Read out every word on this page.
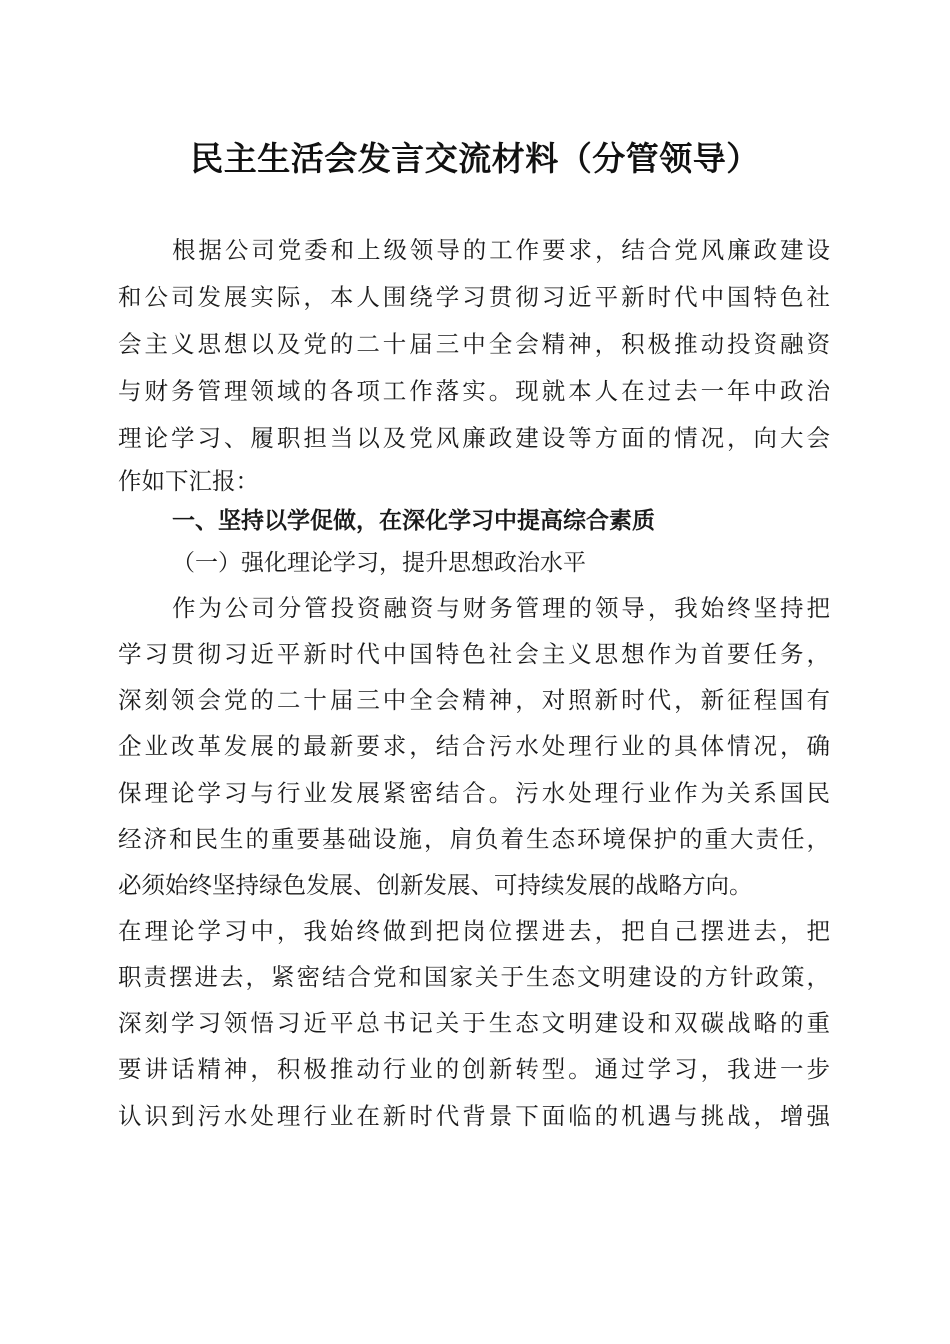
民主生活会发言交流材料（分管领导）
根据公司党委和上级领导的工作要求，结合党风廉政建设
和公司发展实际，本人围绕学习贯彻习近平新时代中国特色社
会主义思想以及党的二十届三中全会精神，积极推动投资融资
与财务管理领域的各项工作落实。现就本人在过去一年中政治
理论学习、履职担当以及党风廉政建设等方面的情况，向大会
作如下汇报：
一、坚持以学促做，在深化学习中提高综合素质
（一）强化理论学习，提升思想政治水平
作为公司分管投资融资与财务管理的领导，我始终坚持把
学习贯彻习近平新时代中国特色社会主义思想作为首要任务，
深刻领会党的二十届三中全会精神，对照新时代，新征程国有
企业改革发展的最新要求，结合污水处理行业的具体情况，确
保理论学习与行业发展紧密结合。污水处理行业作为关系国民
经济和民生的重要基础设施，肩负着生态环境保护的重大责任，
必须始终坚持绿色发展、创新发展、可持续发展的战略方向。
在理论学习中，我始终做到把岗位摆进去，把自己摆进去，把
职责摆进去，紧密结合党和国家关于生态文明建设的方针政策，
深刻学习领悟习近平总书记关于生态文明建设和双碳战略的重
要讲话精神，积极推动行业的创新转型。通过学习，我进一步
认识到污水处理行业在新时代背景下面临的机遇与挑战，增强
